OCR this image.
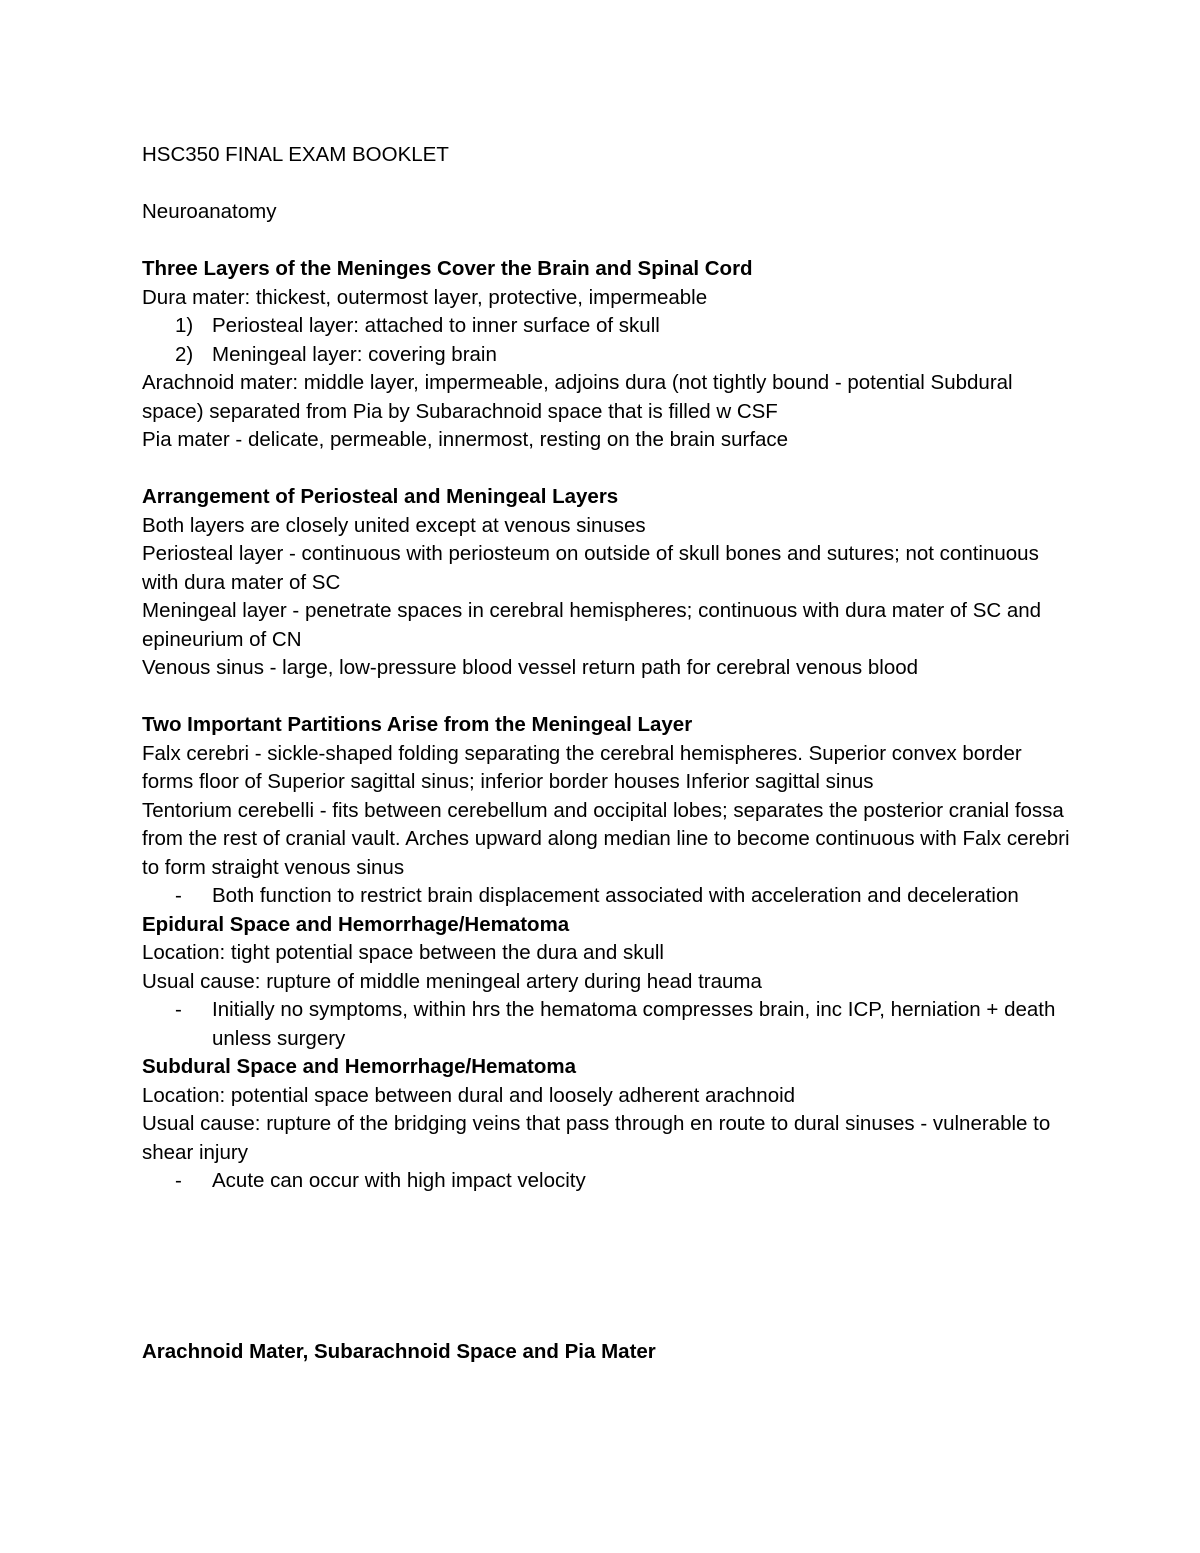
HSC350 FINAL EXAM BOOKLET

Neuroanatomy

Three Layers of the Meninges Cover the Brain and Spinal Cord

Dura mater: thickest, outermost layer, protective, impermeable

1) Periosteal layer: attached to inner surface of skull
2) Meningeal layer: covering brain

Arachnoid mater: middle layer, impermeable, adjoins dura (not tightly bound - potential Subdural space) separated from Pia by Subarachnoid space that is filled w CSF

Pia mater - delicate, permeable, innermost, resting on the brain surface

Arrangement of Periosteal and Meningeal Layers

Both layers are closely united except at venous sinuses

Periosteal layer - continuous with periosteum on outside of skull bones and sutures; not continuous with dura mater of SC

Meningeal layer - penetrate spaces in cerebral hemispheres; continuous with dura mater of SC and epineurium of CN

Venous sinus - large, low-pressure blood vessel return path for cerebral venous blood

Two Important Partitions Arise from the Meningeal Layer

Falx cerebri - sickle-shaped folding separating the cerebral hemispheres. Superior convex border forms floor of Superior sagittal sinus; inferior border houses Inferior sagittal sinus

Tentorium cerebelli - fits between cerebellum and occipital lobes; separates the posterior cranial fossa from the rest of cranial vault. Arches upward along median line to become continuous with Falx cerebri to form straight venous sinus

- Both function to restrict brain displacement associated with acceleration and deceleration

Epidural Space and Hemorrhage/Hematoma

Location: tight potential space between the dura and skull

Usual cause: rupture of middle meningeal artery during head trauma

- Initially no symptoms, within hrs the hematoma compresses brain, inc ICP, herniation + death unless surgery

Subdural Space and Hemorrhage/Hematoma

Location: potential space between dural and loosely adherent arachnoid

Usual cause: rupture of the bridging veins that pass through en route to dural sinuses - vulnerable to shear injury

- Acute can occur with high impact velocity

Arachnoid Mater, Subarachnoid Space and Pia Mater
